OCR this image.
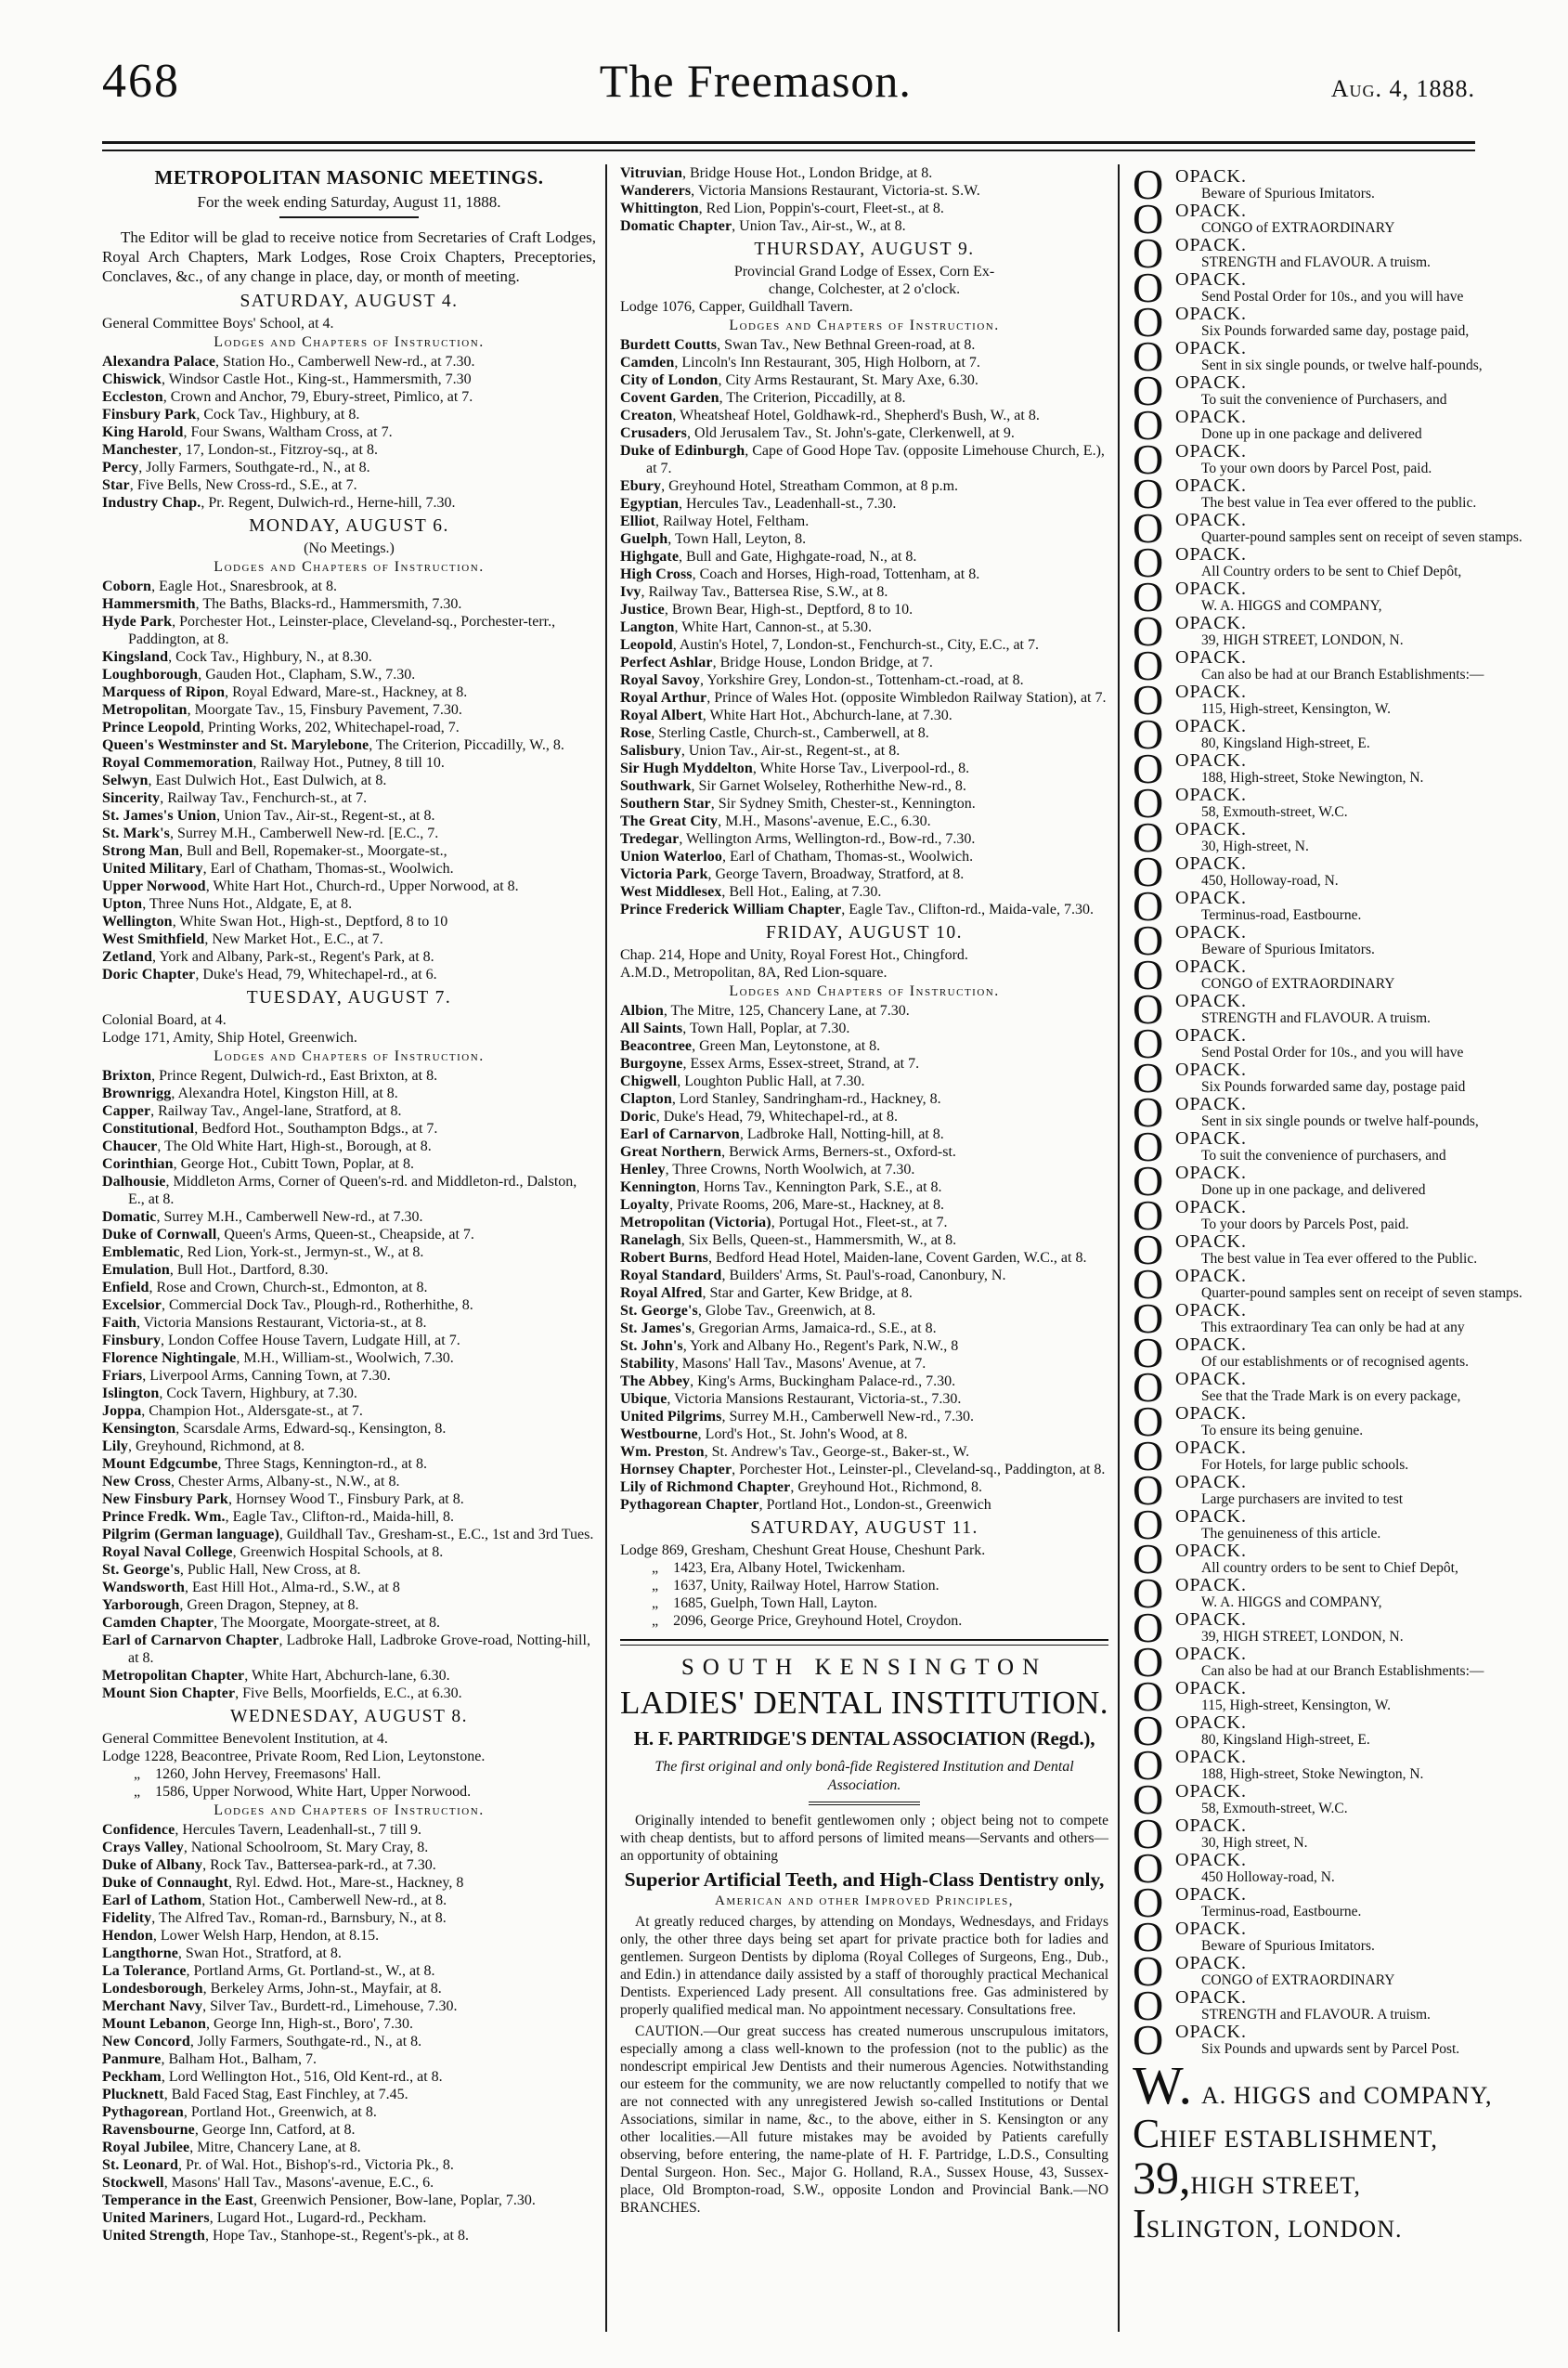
468	The Freemason.	Aug. 4, 1888.
METROPOLITAN MASONIC MEETINGS.
For the week ending Saturday, August 11, 1888.

The Editor will be glad to receive notice from Secretaries of Craft Lodges, Royal Arch Chapters, Mark Lodges, Rose Croix Chapters, Preceptories, Conclaves, &c., of any change in place, day, or month of meeting.

SATURDAY, AUGUST 4.
General Committee Boys' School, at 4.
Lodges and Chapters of Instruction.
Alexandra Palace, Station Ho., Camberwell New-rd., at 7.30.
Chiswick, Windsor Castle Hot., King-st., Hammersmith, 7.30
Eccleston, Crown and Anchor, 79, Ebury-street, Pimlico, at 7.
Finsbury Park, Cock Tav., Highbury, at 8.
King Harold, Four Swans, Waltham Cross, at 7.
Manchester, 17, London-st., Fitzroy-sq., at 8.
Percy, Jolly Farmers, Southgate-rd., N., at 8.
Star, Five Bells, New Cross-rd., S.E., at 7.
Industry Chap., Pr. Regent, Dulwich-rd., Herne-hill, 7.30.
MONDAY, AUGUST 6.
(No Meetings.)
Lodges and Chapters of Instruction.
Coborn, Eagle Hot., Snaresbrook, at 8.
Hammersmith, The Baths, Blacks-rd., Hammersmith, 7.30.
Hyde Park, Porchester Hot., Leinster-place, Cleveland-sq., Porchester-terr., Paddington, at 8.
Kingsland, Cock Tav., Highbury, N., at 8.30.
Loughborough, Gauden Hot., Clapham, S.W., 7.30.
Marquess of Ripon, Royal Edward, Mare-st., Hackney, at 8.
Metropolitan, Moorgate Tav., 15, Finsbury Pavement, 7.30.
Prince Leopold, Printing Works, 202, Whitechapel-road, 7.
Queen's Westminster and St. Marylebone, The Criterion, Piccadilly, W., 8.
Royal Commemoration, Railway Hot., Putney, 8 till 10.
Selwyn, East Dulwich Hot., East Dulwich, at 8.
Sincerity, Railway Tav., Fenchurch-st., at 7.
St. James's Union, Union Tav., Air-st., Regent-st., at 8.
St. Mark's, Surrey M.H., Camberwell New-rd. [E.C., 7.
Strong Man, Bull and Bell, Ropemaker-st., Moorgate-st.,
United Military, Earl of Chatham, Thomas-st., Woolwich.
Upper Norwood, White Hart Hot., Church-rd., Upper Norwood, at 8.
Upton, Three Nuns Hot., Aldgate, E, at 8.
Wellington, White Swan Hot., High-st., Deptford, 8 to 10
West Smithfield, New Market Hot., E.C., at 7.
Zetland, York and Albany, Park-st., Regent's Park, at 8.
Doric Chapter, Duke's Head, 79, Whitechapel-rd., at 6.
TUESDAY, AUGUST 7.
Colonial Board, at 4.
Lodge 171, Amity, Ship Hotel, Greenwich.
Lodges and Chapters of Instruction.
Brixton, Prince Regent, Dulwich-rd., East Brixton, at 8.
Brownrigg, Alexandra Hotel, Kingston Hill, at 8.
Capper, Railway Tav., Angel-lane, Stratford, at 8.
Constitutional, Bedford Hot., Southampton Bdgs., at 7.
Chaucer, The Old White Hart, High-st., Borough, at 8.
Corinthian, George Hot., Cubitt Town, Poplar, at 8.
Dalhousie, Middleton Arms, Corner of Queen's-rd. and Middleton-rd., Dalston, E., at 8.
Domatic, Surrey M.H., Camberwell New-rd., at 7.30.
Duke of Cornwall, Queen's Arms, Queen-st., Cheapside, at 7.
Emblematic, Red Lion, York-st., Jermyn-st., W., at 8.
Emulation, Bull Hot., Dartford, 8.30.
Enfield, Rose and Crown, Church-st., Edmonton, at 8.
Excelsior, Commercial Dock Tav., Plough-rd., Rotherhithe, 8.
Faith, Victoria Mansions Restaurant, Victoria-st., at 8.
Finsbury, London Coffee House Tavern, Ludgate Hill, at 7.
Florence Nightingale, M.H., William-st., Woolwich, 7.30.
Friars, Liverpool Arms, Canning Town, at 7.30.
Islington, Cock Tavern, Highbury, at 7.30.
Joppa, Champion Hot., Aldersgate-st., at 7.
Kensington, Scarsdale Arms, Edward-sq., Kensington, 8.
Lily, Greyhound, Richmond, at 8.
Mount Edgcumbe, Three Stags, Kennington-rd., at 8.
New Cross, Chester Arms, Albany-st., N.W., at 8.
New Finsbury Park, Hornsey Wood T., Finsbury Park, at 8.
Prince Fredk. Wm., Eagle Tav., Clifton-rd., Maida-hill, 8.
Pilgrim (German language), Guildhall Tav., Gresham-st., E.C., 1st and 3rd Tues.
Royal Naval College, Greenwich Hospital Schools, at 8.
St. George's, Public Hall, New Cross, at 8.
Wandsworth, East Hill Hot., Alma-rd., S.W., at 8
Yarborough, Green Dragon, Stepney, at 8.
Camden Chapter, The Moorgate, Moorgate-street, at 8.
Earl of Carnarvon Chapter, Ladbroke Hall, Ladbroke Grove-road, Notting-hill, at 8.
Metropolitan Chapter, White Hart, Abchurch-lane, 6.30.
Mount Sion Chapter, Five Bells, Moorfields, E.C., at 6.30.
WEDNESDAY, AUGUST 8.
General Committee Benevolent Institution, at 4.
Lodge 1228, Beacontree, Private Room, Red Lion, Leytonstone.
„ 1260, John Hervey, Freemasons' Hall.
„ 1586, Upper Norwood, White Hart, Upper Norwood.
Lodges and Chapters of Instruction.
Confidence, Hercules Tavern, Leadenhall-st., 7 till 9.
Crays Valley, National Schoolroom, St. Mary Cray, 8.
Duke of Albany, Rock Tav., Battersea-park-rd., at 7.30.
Duke of Connaught, Ryl. Edwd. Hot., Mare-st., Hackney, 8
Earl of Lathom, Station Hot., Camberwell New-rd., at 8.
Fidelity, The Alfred Tav., Roman-rd., Barnsbury, N., at 8.
Hendon, Lower Welsh Harp, Hendon, at 8.15.
Langthorne, Swan Hot., Stratford, at 8.
La Tolerance, Portland Arms, Gt. Portland-st., W., at 8.
Londesborough, Berkeley Arms, John-st., Mayfair, at 8.
Merchant Navy, Silver Tav., Burdett-rd., Limehouse, 7.30.
Mount Lebanon, George Inn, High-st., Boro', 7.30.
New Concord, Jolly Farmers, Southgate-rd., N., at 8.
Panmure, Balham Hot., Balham, 7.
Peckham, Lord Wellington Hot., 516, Old Kent-rd., at 8.
Plucknett, Bald Faced Stag, East Finchley, at 7.45.
Pythagorean, Portland Hot., Greenwich, at 8.
Ravensbourne, George Inn, Catford, at 8.
Royal Jubilee, Mitre, Chancery Lane, at 8.
St. Leonard, Pr. of Wal. Hot., Bishop's-rd., Victoria Pk., 8.
Stockwell, Masons' Hall Tav., Masons'-avenue, E.C., 6.
Temperance in the East, Greenwich Pensioner, Bow-lane, Poplar, 7.30.
United Mariners, Lugard Hot., Lugard-rd., Peckham.
United Strength, Hope Tav., Stanhope-st., Regent's-pk., at 8.
Vitruvian, Bridge House Hot., London Bridge, at 8.
Wanderers, Victoria Mansions Restaurant, Victoria-st. S.W.
Whittington, Red Lion, Poppin's-court, Fleet-st., at 8.
Domatic Chapter, Union Tav., Air-st., W., at 8.
THURSDAY, AUGUST 9.
Provincial Grand Lodge of Essex, Corn Ex-
change, Colchester, at 2 o'clock.
Lodge 1076, Capper, Guildhall Tavern.
Lodges and Chapters of Instruction.
Burdett Coutts, Swan Tav., New Bethnal Green-road, at 8.
Camden, Lincoln's Inn Restaurant, 305, High Holborn, at 7.
City of London, City Arms Restaurant, St. Mary Axe, 6.30.
Covent Garden, The Criterion, Piccadilly, at 8.
Creaton, Wheatsheaf Hotel, Goldhawk-rd., Shepherd's Bush, W., at 8.
Crusaders, Old Jerusalem Tav., St. John's-gate, Clerkenwell, at 9.
Duke of Edinburgh, Cape of Good Hope Tav. (opposite Limehouse Church, E.), at 7.
Ebury, Greyhound Hotel, Streatham Common, at 8 p.m.
Egyptian, Hercules Tav., Leadenhall-st., 7.30.
Elliot, Railway Hotel, Feltham.
Guelph, Town Hall, Leyton, 8.
Highgate, Bull and Gate, Highgate-road, N., at 8.
High Cross, Coach and Horses, High-road, Tottenham, at 8.
Ivy, Railway Tav., Battersea Rise, S.W., at 8.
Justice, Brown Bear, High-st., Deptford, 8 to 10.
Langton, White Hart, Cannon-st., at 5.30.
Leopold, Austin's Hotel, 7, London-st., Fenchurch-st., City, E.C., at 7.
Perfect Ashlar, Bridge House, London Bridge, at 7.
Royal Savoy, Yorkshire Grey, London-st., Tottenham-ct.-road, at 8.
Royal Arthur, Prince of Wales Hot. (opposite Wimbledon Railway Station), at 7.
Royal Albert, White Hart Hot., Abchurch-lane, at 7.30.
Rose, Sterling Castle, Church-st., Camberwell, at 8.
Salisbury, Union Tav., Air-st., Regent-st., at 8.
Sir Hugh Myddelton, White Horse Tav., Liverpool-rd., 8.
Southwark, Sir Garnet Wolseley, Rotherhithe New-rd., 8.
Southern Star, Sir Sydney Smith, Chester-st., Kennington.
The Great City, M.H., Masons'-avenue, E.C., 6.30.
Tredegar, Wellington Arms, Wellington-rd., Bow-rd., 7.30.
Union Waterloo, Earl of Chatham, Thomas-st., Woolwich.
Victoria Park, George Tavern, Broadway, Stratford, at 8.
West Middlesex, Bell Hot., Ealing, at 7.30.
Prince Frederick William Chapter, Eagle Tav., Clifton-rd., Maida-vale, 7.30.
FRIDAY, AUGUST 10.
Chap. 214, Hope and Unity, Royal Forest Hot., Chingford.
A.M.D., Metropolitan, 8A, Red Lion-square.
Lodges and Chapters of Instruction.
Albion, The Mitre, 125, Chancery Lane, at 7.30.
All Saints, Town Hall, Poplar, at 7.30.
Beacontree, Green Man, Leytonstone, at 8.
Burgoyne, Essex Arms, Essex-street, Strand, at 7.
Chigwell, Loughton Public Hall, at 7.30.
Clapton, Lord Stanley, Sandringham-rd., Hackney, 8.
Doric, Duke's Head, 79, Whitechapel-rd., at 8.
Earl of Carnarvon, Ladbroke Hall, Notting-hill, at 8.
Great Northern, Berwick Arms, Berners-st., Oxford-st.
Henley, Three Crowns, North Woolwich, at 7.30.
Kennington, Horns Tav., Kennington Park, S.E., at 8.
Loyalty, Private Rooms, 206, Mare-st., Hackney, at 8.
Metropolitan (Victoria), Portugal Hot., Fleet-st., at 7.
Ranelagh, Six Bells, Queen-st., Hammersmith, W., at 8.
Robert Burns, Bedford Head Hotel, Maiden-lane, Covent Garden, W.C., at 8.
Royal Standard, Builders' Arms, St. Paul's-road, Canonbury, N.
Royal Alfred, Star and Garter, Kew Bridge, at 8.
St. George's, Globe Tav., Greenwich, at 8.
St. James's, Gregorian Arms, Jamaica-rd., S.E., at 8.
St. John's, York and Albany Ho., Regent's Park, N.W., 8
Stability, Masons' Hall Tav., Masons' Avenue, at 7.
The Abbey, King's Arms, Buckingham Palace-rd., 7.30.
Ubique, Victoria Mansions Restaurant, Victoria-st., 7.30.
United Pilgrims, Surrey M.H., Camberwell New-rd., 7.30.
Westbourne, Lord's Hot., St. John's Wood, at 8.
Wm. Preston, St. Andrew's Tav., George-st., Baker-st., W.
Hornsey Chapter, Porchester Hot., Leinster-pl., Cleveland-sq., Paddington, at 8.
Lily of Richmond Chapter, Greyhound Hot., Richmond, 8.
Pythagorean Chapter, Portland Hot., London-st., Greenwich
SATURDAY, AUGUST 11.
Lodge 869, Gresham, Cheshunt Great House, Cheshunt Park.
„ 1423, Era, Albany Hotel, Twickenham.
„ 1637, Unity, Railway Hotel, Harrow Station.
„ 1685, Guelph, Town Hall, Layton.
„ 2096, George Price, Greyhound Hotel, Croydon.
SOUTH KENSINGTON
LADIES' DENTAL INSTITUTION.
H. F. PARTRIDGE'S DENTAL ASSOCIATION (Regd.),
The first original and only bonâ-fide Registered Institution and Dental Association.

Originally intended to benefit gentlewomen only ; object being not to compete with cheap dentists, but to afford persons of limited means—Servants and others—an opportunity of obtaining

Superior Artificial Teeth, and High-Class Dentistry only,
American and other Improved Principles,

At greatly reduced charges, by attending on Mondays, Wednesdays, and Fridays only, the other three days being set apart for private practice both for ladies and gentlemen. Surgeon Dentists by diploma (Royal Colleges of Surgeons, Eng., Dub., and Edin.) in attendance daily assisted by a staff of thoroughly practical Mechanical Dentists. Experienced Lady present. All consultations free. Gas administered by properly qualified medical man. No appointment necessary. Consultations free.

CAUTION.—Our great success has created numerous unscrupulous imitators, especially among a class well-known to the profession (not to the public) as the nondescript empirical Jew Dentists and their numerous Agencies. Notwithstanding our esteem for the community, we are now reluctantly compelled to notify that we are not connected with any unregistered Jewish so-called Institutions or Dental Associations, similar in name, &c., to the above, either in S. Kensington or any other localities.—All future mistakes may be avoided by Patients carefully observing, before entering, the name-plate of H. F. Partridge, L.D.S., Consulting Dental Surgeon. Hon. Sec., Major G. Holland, R.A., Sussex House, 43, Sussex-place, Old Brompton-road, S.W., opposite London and Provincial Bank.—NO BRANCHES.

O OPACK.
Beware of Spurious Imitators.
O OPACK.
CONGO of EXTRAORDINARY
O OPACK.
STRENGTH and FLAVOUR. A truism.
O OPACK.
Send Postal Order for 10s., and you will have
O OPACK.
Six Pounds forwarded same day, postage paid,
O OPACK.
Sent in six single pounds, or twelve half-pounds,
O OPACK.
To suit the convenience of Purchasers, and
O OPACK.
Done up in one package and delivered
O OPACK.
To your own doors by Parcel Post, paid.
O OPACK.
The best value in Tea ever offered to the public.
O OPACK.
Quarter-pound samples sent on receipt of seven stamps.
O OPACK.
All Country orders to be sent to Chief Depôt,
O OPACK.
W. A. HIGGS and COMPANY,
O OPACK.
39, HIGH STREET, LONDON, N.
O OPACK.
Can also be had at our Branch Establishments:—
O OPACK.
115, High-street, Kensington, W.
O OPACK.
80, Kingsland High-street, E.
O OPACK.
188, High-street, Stoke Newington, N.
O OPACK.
58, Exmouth-street, W.C.
O OPACK.
30, High-street, N.
O OPACK.
450, Holloway-road, N.
O OPACK.
Terminus-road, Eastbourne.
O OPACK.
Beware of Spurious Imitators.
O OPACK.
CONGO of EXTRAORDINARY
O OPACK.
STRENGTH and FLAVOUR. A truism.
O OPACK.
Send Postal Order for 10s., and you will have
O OPACK.
Six Pounds forwarded same day, postage paid
O OPACK.
Sent in six single pounds or twelve half-pounds,
O OPACK.
To suit the convenience of purchasers, and
O OPACK.
Done up in one package, and delivered
O OPACK.
To your doors by Parcels Post, paid.
O OPACK.
The best value in Tea ever offered to the Public.
O OPACK.
Quarter-pound samples sent on receipt of seven stamps.
O OPACK.
This extraordinary Tea can only be had at any
O OPACK.
Of our establishments or of recognised agents.
O OPACK.
See that the Trade Mark is on every package,
O OPACK.
To ensure its being genuine.
O OPACK.
For Hotels, for large public schools.
O OPACK.
Large purchasers are invited to test
O OPACK.
The genuineness of this article.
O OPACK.
All country orders to be sent to Chief Depôt,
O OPACK.
W. A. HIGGS and COMPANY,
O OPACK.
39, HIGH STREET, LONDON, N.
O OPACK.
Can also be had at our Branch Establishments:—
O OPACK.
115, High-street, Kensington, W.
O OPACK.
80, Kingsland High-street, E.
O OPACK.
188, High-street, Stoke Newington, N.
O OPACK.
58, Exmouth-street, W.C.
O OPACK.
30, High street, N.
O OPACK.
450 Holloway-road, N.
O OPACK.
Terminus-road, Eastbourne.
O OPACK.
Beware of Spurious Imitators.
O OPACK.
CONGO of EXTRAORDINARY
O OPACK.
STRENGTH and FLAVOUR. A truism.
O OPACK.
Six Pounds and upwards sent by Parcel Post.
W. A. HIGGS and COMPANY,
CHIEF ESTABLISHMENT,
39,HIGH STREET,
ISLINGTON, LONDON.
